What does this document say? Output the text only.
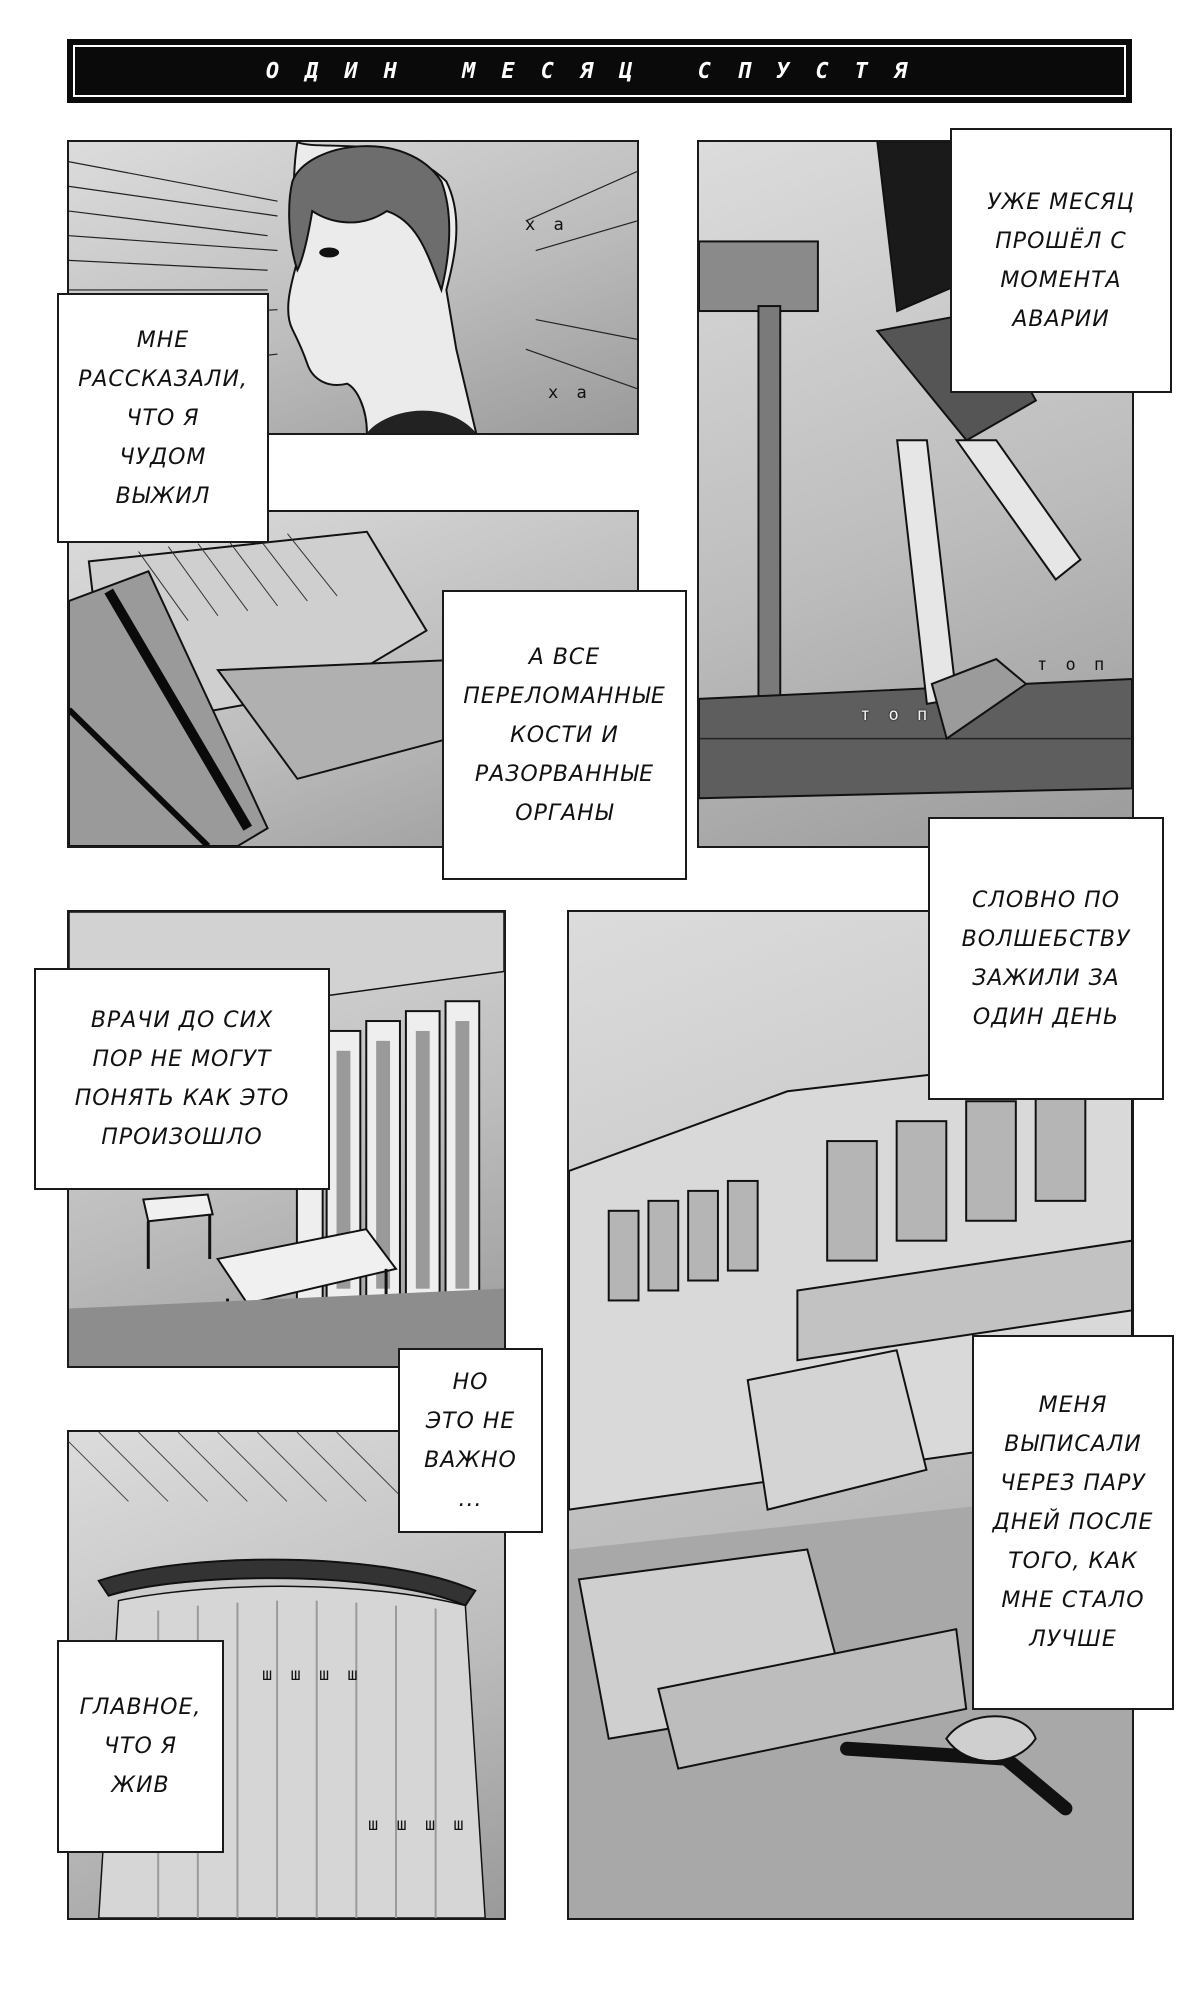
ОДИН МЕСЯЦ СПУСТЯ
МНЕ
РАССКАЗАЛИ,
ЧТО Я
ЧУДОМ
ВЫЖИЛ
УЖЕ МЕСЯЦ
ПРОШЁЛ С
МОМЕНТА
АВАРИИ
А ВСЕ
ПЕРЕЛОМАННЫЕ
КОСТИ И
РАЗОРВАННЫЕ
ОРГАНЫ
СЛОВНО ПО
ВОЛШЕБСТВУ
ЗАЖИЛИ ЗА
ОДИН ДЕНЬ
ВРАЧИ ДО СИХ
ПОР НЕ МОГУТ
ПОНЯТЬ КАК ЭТО
ПРОИЗОШЛО
НО
ЭТО НЕ
ВАЖНО
...
МЕНЯ
ВЫПИСАЛИ
ЧЕРЕЗ ПАРУ
ДНЕЙ ПОСЛЕ
ТОГО, КАК
МНЕ СТАЛО
ЛУЧШЕ
ГЛАВНОЕ,
ЧТО Я
ЖИВ
х а
х а
т о п
т о п
ш ш ш ш
ш ш ш ш
